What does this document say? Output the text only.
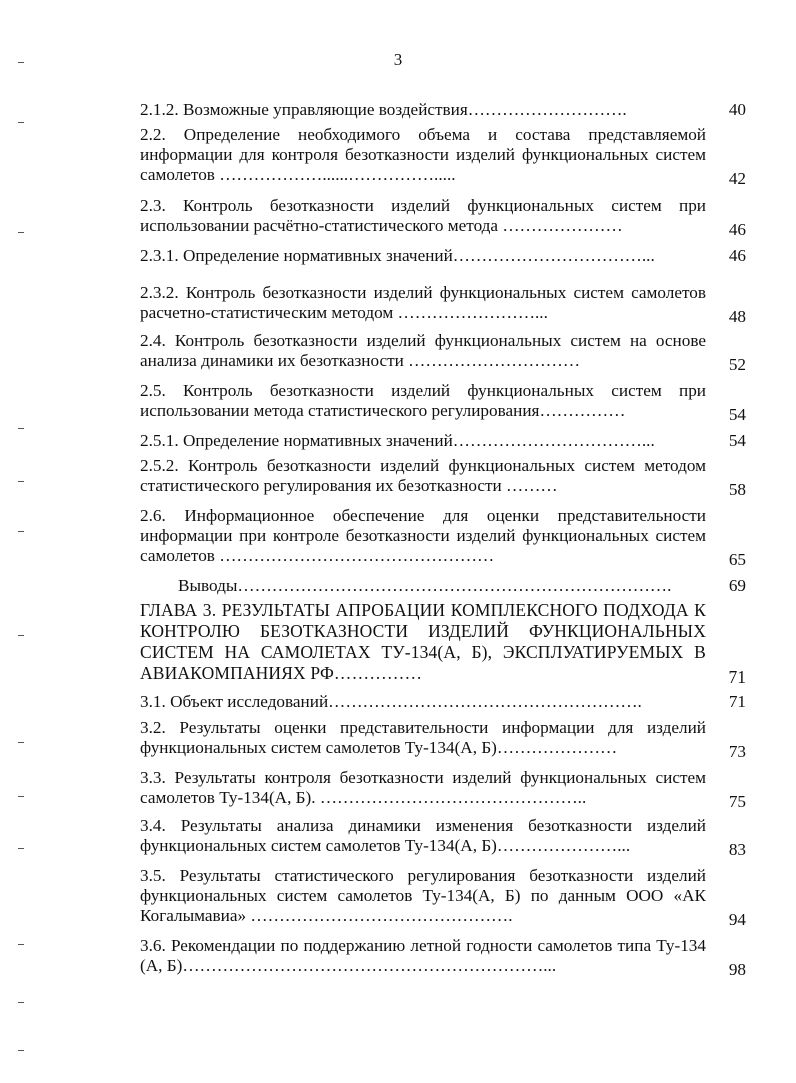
3
2.1.2. Возможные управляющие воздействия……………………….	40
2.2. Определение необходимого объема и состава представляемой информации для контроля безотказности изделий функциональных систем самолетов ………………......…………….....	42
2.3. Контроль безотказности изделий функциональных систем при использовании расчётно-статистического метода …………………	46
2.3.1. Определение нормативных значений……………………………...	46
2.3.2. Контроль безотказности изделий функциональных систем самолетов расчетно-статистическим методом ……………………...	48
2.4. Контроль безотказности изделий функциональных систем на основе анализа динамики их безотказности …………………………	52
2.5. Контроль безотказности изделий функциональных систем при использовании метода статистического регулирования……………	54
2.5.1. Определение нормативных значений……………………………...	54
2.5.2. Контроль безотказности изделий функциональных систем методом статистического регулирования их безотказности ………	58
2.6. Информационное обеспечение для оценки представительности информации при контроле безотказности изделий функциональных систем самолетов …………………………………………	65
Выводы………………………………………………………………….	69
ГЛАВА 3. РЕЗУЛЬТАТЫ АПРОБАЦИИ КОМПЛЕКСНОГО ПОДХОДА К КОНТРОЛЮ БЕЗОТКАЗНОСТИ ИЗДЕЛИЙ ФУНКЦИОНАЛЬНЫХ СИСТЕМ НА САМОЛЕТАХ ТУ-134(А, Б), ЭКСПЛУАТИРУЕМЫХ В АВИАКОМПАНИЯХ РФ……………	71
3.1. Объект исследований……………………………………………….	71
3.2. Результаты оценки представительности информации для изделий функциональных систем самолетов Ту-134(А, Б)…………………	73
3.3. Результаты контроля безотказности изделий функциональных систем самолетов Ту-134(А, Б). ………………………………………..	75
3.4. Результаты анализа динамики изменения безотказности изделий функциональных систем самолетов Ту-134(А, Б)…………………...	83
3.5. Результаты статистического регулирования безотказности изделий функциональных систем самолетов Ту-134(А, Б) по данным ООО «АК Когалымавиа» ……………………………………….	94
3.6. Рекомендации по поддержанию летной годности самолетов типа Ту-134 (А, Б)………………………………………………………...	98
